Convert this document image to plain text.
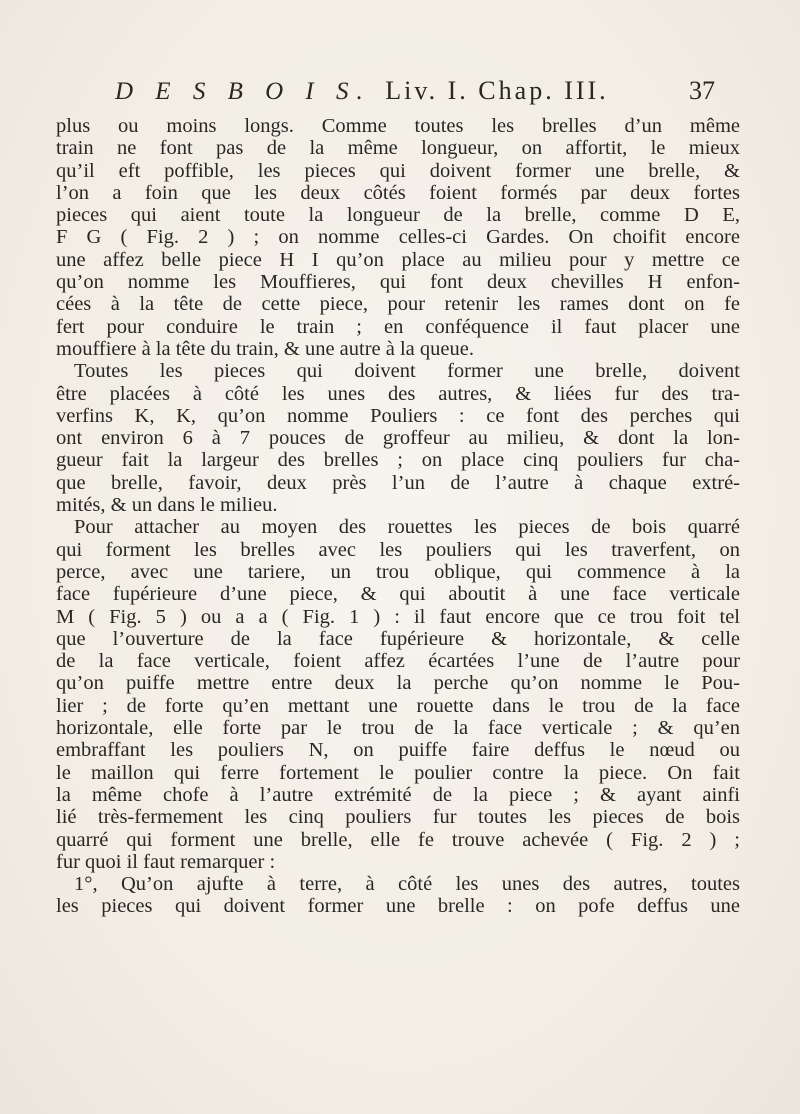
D E S B O I S. Liv. I. Chap. III.	37
plus ou moins longs. Comme toutes les brelles d’un même
train ne font pas de la même longueur, on affortit, le mieux
qu’il eft poffible, les pieces qui doivent former une brelle, &
l’on a foin que les deux côtés foient formés par deux fortes
pieces qui aient toute la longueur de la brelle, comme D E,
F G ( Fig. 2 ) ; on nomme celles-ci Gardes. On choifit encore
une affez belle piece H I qu’on place au milieu pour y mettre ce
qu’on nomme les Mouffieres, qui font deux chevilles H enfon-
cées à la tête de cette piece, pour retenir les rames dont on fe
fert pour conduire le train ; en conféquence il faut placer une
mouffiere à la tête du train, & une autre à la queue.
Toutes les pieces qui doivent former une brelle, doivent
être placées à côté les unes des autres, & liées fur des tra-
verfins K, K, qu’on nomme Pouliers : ce font des perches qui
ont environ 6 à 7 pouces de groffeur au milieu, & dont la lon-
gueur fait la largeur des brelles ; on place cinq pouliers fur cha-
que brelle, favoir, deux près l’un de l’autre à chaque extré-
mités, & un dans le milieu.
Pour attacher au moyen des rouettes les pieces de bois quarré
qui forment les brelles avec les pouliers qui les traverfent, on
perce, avec une tariere, un trou oblique, qui commence à la
face fupérieure d’une piece, & qui aboutit à une face verticale
M ( Fig. 5 ) ou a a ( Fig. 1 ) : il faut encore que ce trou foit tel
que l’ouverture de la face fupérieure & horizontale, & celle
de la face verticale, foient affez écartées l’une de l’autre pour
qu’on puiffe mettre entre deux la perche qu’on nomme le Pou-
lier ; de forte qu’en mettant une rouette dans le trou de la face
horizontale, elle forte par le trou de la face verticale ; & qu’en
embraffant les pouliers N, on puiffe faire deffus le nœud ou
le maillon qui ferre fortement le poulier contre la piece. On fait
la même chofe à l’autre extrémité de la piece ; & ayant ainfi
lié très-fermement les cinq pouliers fur toutes les pieces de bois
quarré qui forment une brelle, elle fe trouve achevée ( Fig. 2 ) ;
fur quoi il faut remarquer :
1°, Qu’on ajufte à terre, à côté les unes des autres, toutes
les pieces qui doivent former une brelle : on pofe deffus une
